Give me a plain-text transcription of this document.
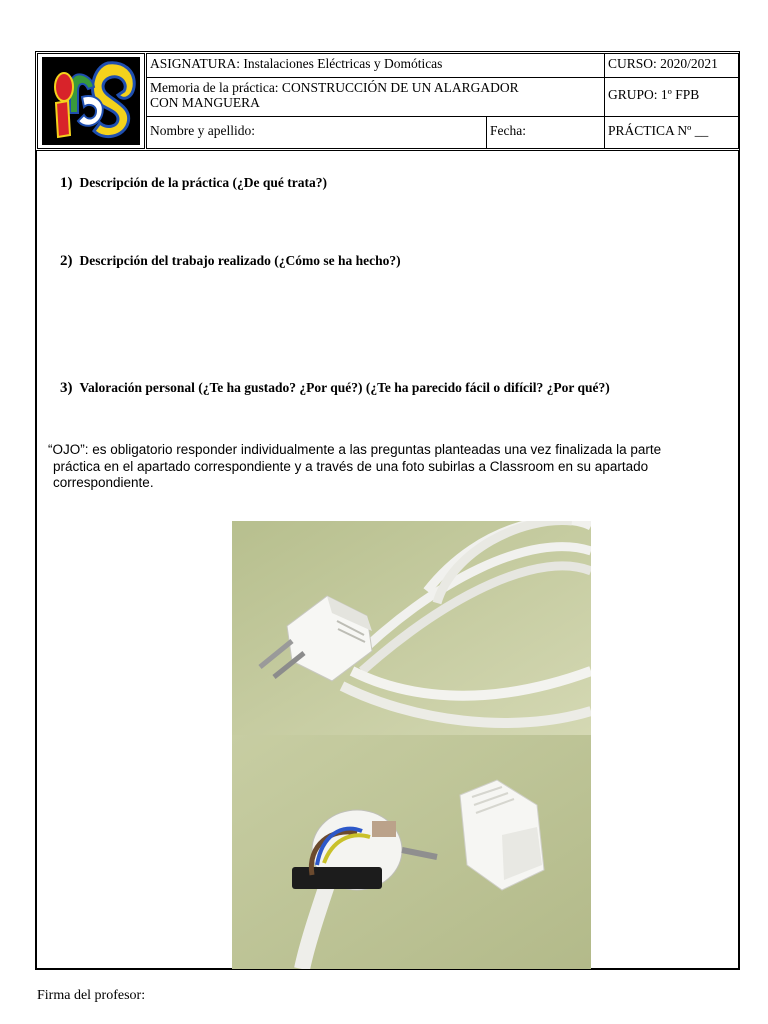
ASIGNATURA: Instalaciones Eléctricas y Domóticas	CURSO: 2020/2021
Memoria de la práctica: CONSTRUCCIÓN DE UN ALARGADOR
CON MANGUERA
GRUPO: 1º FPB
Nombre y apellido:	Fecha:	PRÁCTICA Nº __
1) Descripción de la práctica (¿De qué trata?)
2) Descripción del trabajo realizado (¿Cómo se ha hecho?)
3) Valoración personal (¿Te ha gustado? ¿Por qué?) (¿Te ha parecido fácil o difícil? ¿Por qué?)
“OJO”: es obligatorio responder individualmente a las preguntas planteadas una vez finalizada la parte
práctica en el apartado correspondiente y a través de una foto subirlas a Classroom en su apartado
correspondiente.
Firma del profesor:
